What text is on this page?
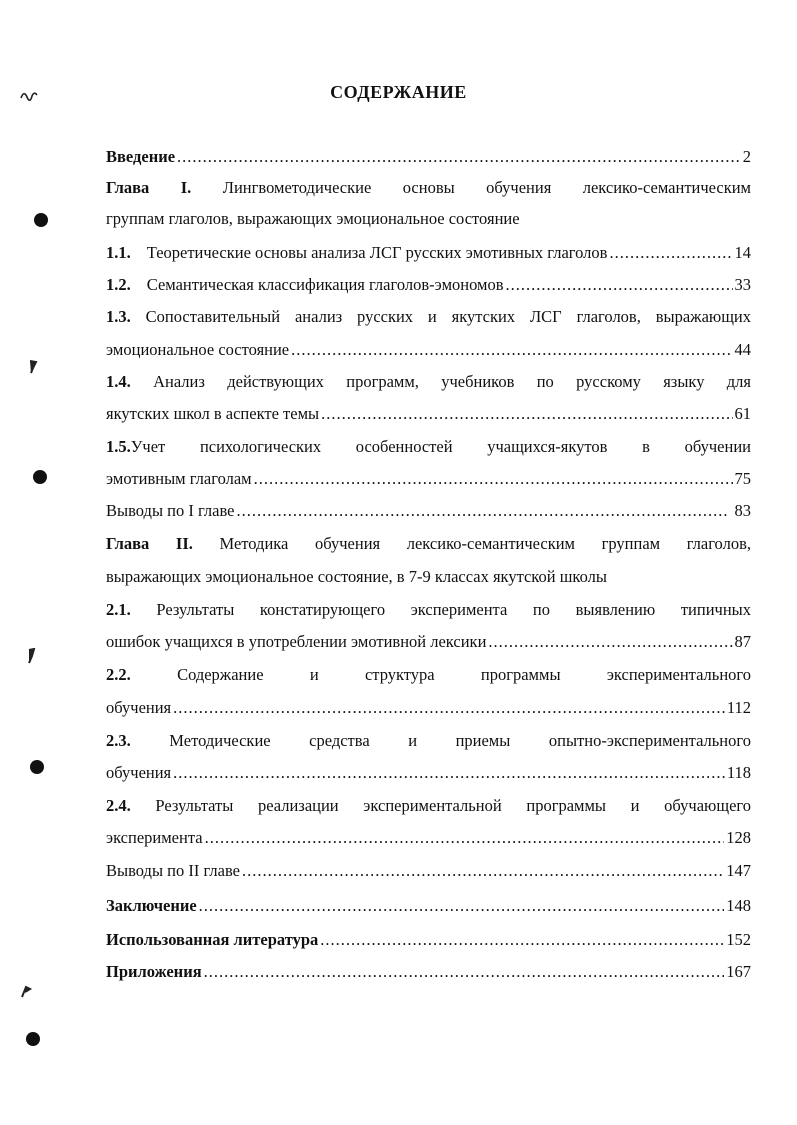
СОДЕРЖАНИЕ
Введение .....	2
Глава I. Лингвометодические основы обучения лексико-семантическим
группам глаголов, выражающих эмоциональное состояние
1.1. Теоретические основы анализа ЛСГ русских эмотивных глаголов .....	14
1.2. Семантическая классификация глаголов-эмономов .....	33
1.3. Сопоставительный анализ русских и якутских ЛСГ глаголов, выражающих
эмоциональное состояние .....	44
1.4. Анализ действующих программ, учебников по русскому языку для
якутских школ в аспекте темы .....	61
1.5.Учет психологических особенностей учащихся-якутов в обучении
эмотивным глаголам .....	75
Выводы по I главе .....	83
Глава II. Методика обучения лексико-семантическим группам глаголов,
выражающих эмоциональное состояние, в 7-9 классах якутской школы
2.1. Результаты констатирующего эксперимента по выявлению типичных
ошибок учащихся в употреблении эмотивной лексики .....	87
2.2.	Содержание и структура программы экспериментального
обучения .....	112
2.3. Методические средства и приемы опытно-экспериментального
обучения .....	118
2.4. Результаты реализации экспериментальной программы и обучающего
эксперимента .....	128
Выводы по II главе .....	147
Заключение .....	148
Использованная литература .....	152
Приложения .....	167
